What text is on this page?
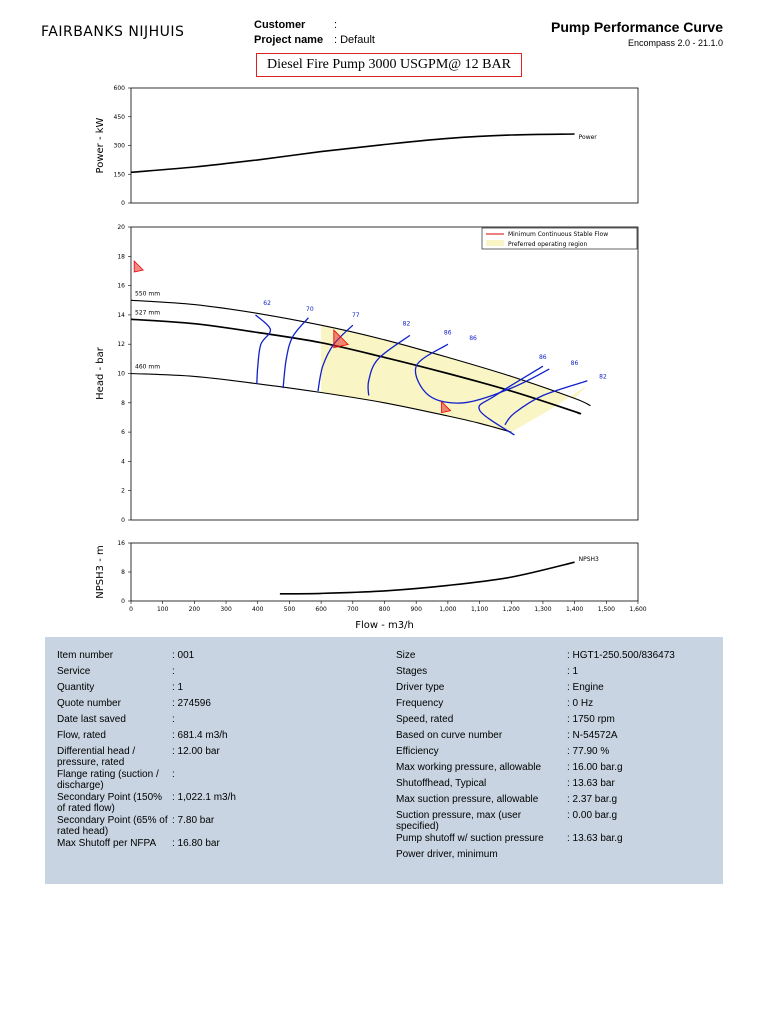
FAIRBANKS NIJHUIS	Customer	:
Project name : Default
Pump Performance Curve
Encompass 2.0 - 21.1.0
Diesel Fire Pump 3000 USGPM@ 12 BAR
0
150
300
450
600
Power - kW	Power
0
2
4
6
8
10
12
14
16
18
20
Head - bar
550 mm
527 mm
460 mm
62
70
77
82
86
86
86
86
82
Minimum Continuous Stable Flow
Preferred operating region
0
8
16
NPSH3 - m	NPSH3
0	100	200	300	400	500	600	700	800	900	1,000 1,100 1,200 1,300 1,400 1,500 1,600
Flow - m3/h
Item number	: 001
Service	:
Quantity	: 1
Quote number	: 274596
Date last saved	:
Flow, rated	: 681.4 m3/h
Differential head / pressure, rated
: 12.00 bar
Flange rating (suction / discharge)
:
Secondary Point (150% of rated flow)
: 1,022.1 m3/h
Secondary Point (65% of rated head)
: 7.80 bar
Max Shutoff per NFPA	: 16.80 bar
Size	: HGT1-250.500/836473
Stages	: 1
Driver type	: Engine
Frequency	: 0 Hz
Speed, rated	: 1750 rpm
Based on curve number	: N-54572A
Efficiency	: 77.90 %
Max working pressure, allowable	: 16.00 bar.g
Shutoffhead, Typical	: 13.63 bar
Max suction pressure, allowable	: 2.37 bar.g
Suction pressure, max (user specified)
: 0.00 bar.g
Pump shutoff w/ suction pressure	: 13.63 bar.g
Power driver, minimum
